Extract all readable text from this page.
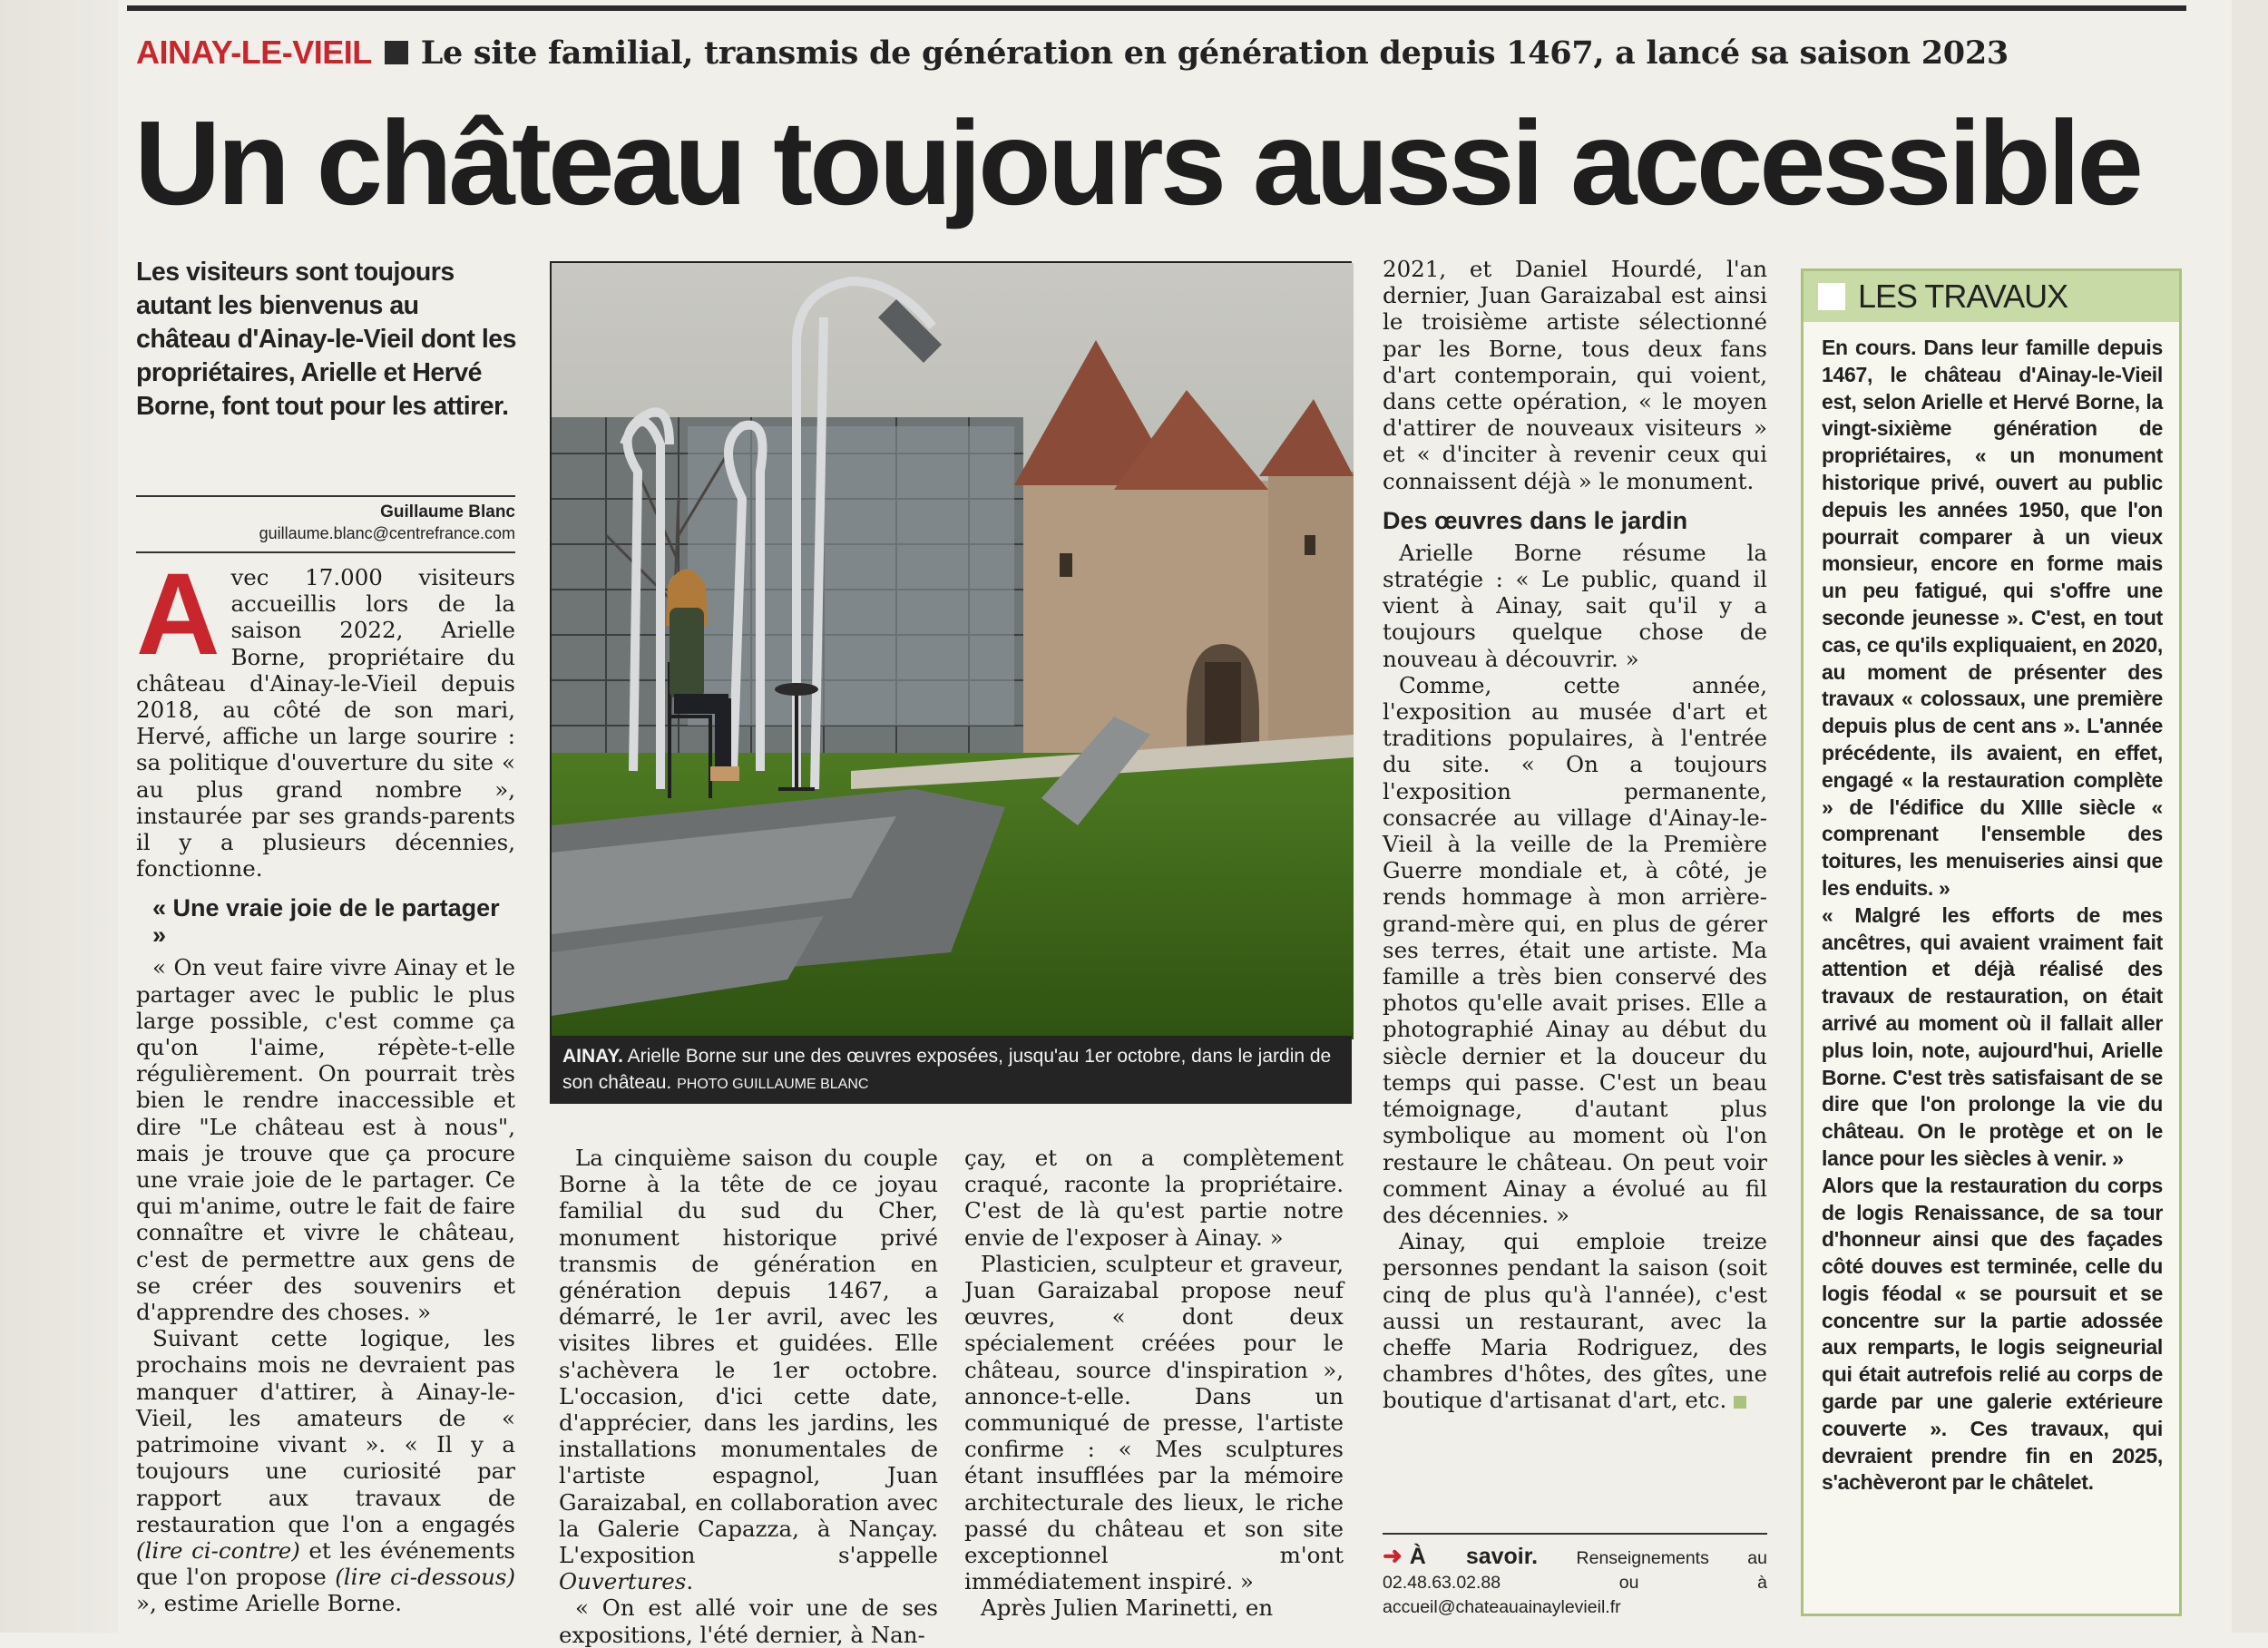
AINAY-LE-VIEIL Le site familial, transmis de génération en génération depuis 1467, a lancé sa saison 2023
Un château toujours aussi accessible
Les visiteurs sont toujours autant les bienvenus au château d'Ainay-le-Vieil dont les propriétaires, Arielle et Hervé Borne, font tout pour les attirer.
Guillaume Blanc
guillaume.blanc@centrefrance.com

Avec 17.000 visiteurs accueillis lors de la saison 2022, Arielle Borne, propriétaire du château d'Ainay-le-Vieil depuis 2018, au côté de son mari, Hervé, affiche un large sourire : sa politique d'ouverture du site « au plus grand nombre », instaurée par ses grands-parents il y a plusieurs décennies, fonctionne.

« Une vraie joie de le partager »

« On veut faire vivre Ainay et le partager avec le public le plus large possible, c'est comme ça qu'on l'aime, répète-t-elle régulièrement. On pourrait très bien le rendre inaccessible et dire "Le château est à nous", mais je trouve que ça procure une vraie joie de le partager. Ce qui m'anime, outre le fait de faire connaître et vivre le château, c'est de permettre aux gens de se créer des souvenirs et d'apprendre des choses. »

Suivant cette logique, les prochains mois ne devraient pas manquer d'attirer, à Ainay-le-Vieil, les amateurs de « patrimoine vivant ». « Il y a toujours une curiosité par rapport aux travaux de restauration que l'on a engagés (lire ci-contre) et les événements que l'on propose (lire ci-dessous) », estime Arielle Borne.

AINAY. Arielle Borne sur une des œuvres exposées, jusqu'au 1er octobre, dans le jardin de son château. PHOTO GUILLAUME BLANC

La cinquième saison du couple Borne à la tête de ce joyau familial du sud du Cher, monument historique privé transmis de génération en génération depuis 1467, a démarré, le 1er avril, avec les visites libres et guidées. Elle s'achèvera le 1er octobre. L'occasion, d'ici cette date, d'apprécier, dans les jardins, les installations monumentales de l'artiste espagnol, Juan Garaizabal, en collaboration avec la Galerie Capazza, à Nançay. L'exposition s'appelle Ouvertures.

« On est allé voir une de ses expositions, l'été dernier, à Nan-

çay, et on a complètement craqué, raconte la propriétaire. C'est de là qu'est partie notre envie de l'exposer à Ainay. »

Plasticien, sculpteur et graveur, Juan Garaizabal propose neuf œuvres, « dont deux spécialement créées pour le château, source d'inspiration », annonce-t-elle. Dans un communiqué de presse, l'artiste confirme : « Mes sculptures étant insufflées par la mémoire architecturale des lieux, le riche passé du château et son site exceptionnel m'ont immédiatement inspiré. »

Après Julien Marinetti, en

2021, et Daniel Hourdé, l'an dernier, Juan Garaizabal est ainsi le troisième artiste sélectionné par les Borne, tous deux fans d'art contemporain, qui voient, dans cette opération, « le moyen d'attirer de nouveaux visiteurs » et « d'inciter à revenir ceux qui connaissent déjà » le monument.

Des œuvres dans le jardin

Arielle Borne résume la stratégie : « Le public, quand il vient à Ainay, sait qu'il y a toujours quelque chose de nouveau à découvrir. »

Comme, cette année, l'exposition au musée d'art et traditions populaires, à l'entrée du site. « On a toujours l'exposition permanente, consacrée au village d'Ainay-le-Vieil à la veille de la Première Guerre mondiale et, à côté, je rends hommage à mon arrière-grand-mère qui, en plus de gérer ses terres, était une artiste. Ma famille a très bien conservé des photos qu'elle avait prises. Elle a photographié Ainay au début du siècle dernier et la douceur du temps qui passe. C'est un beau témoignage, d'autant plus symbolique au moment où l'on restaure le château. On peut voir comment Ainay a évolué au fil des décennies. »

Ainay, qui emploie treize personnes pendant la saison (soit cinq de plus qu'à l'année), c'est aussi un restaurant, avec la cheffe Maria Rodriguez, des chambres d'hôtes, des gîtes, une boutique d'artisanat d'art, etc.

➜ À savoir. Renseignements au 02.48.63.02.88 ou à accueil@chateauainaylevieil.fr
LES TRAVAUX

En cours. Dans leur famille depuis 1467, le château d'Ainay-le-Vieil est, selon Arielle et Hervé Borne, la vingt-sixième génération de propriétaires, « un monument historique privé, ouvert au public depuis les années 1950, que l'on pourrait comparer à un vieux monsieur, encore en forme mais un peu fatigué, qui s'offre une seconde jeunesse ». C'est, en tout cas, ce qu'ils expliquaient, en 2020, au moment de présenter des travaux « colossaux, une première depuis plus de cent ans ». L'année précédente, ils avaient, en effet, engagé « la restauration complète » de l'édifice du XIIIe siècle « comprenant l'ensemble des toitures, les menuiseries ainsi que les enduits. »

« Malgré les efforts de mes ancêtres, qui avaient vraiment fait attention et déjà réalisé des travaux de restauration, on était arrivé au moment où il fallait aller plus loin, note, aujourd'hui, Arielle Borne. C'est très satisfaisant de se dire que l'on prolonge la vie du château. On le protège et on le lance pour les siècles à venir. »

Alors que la restauration du corps de logis Renaissance, de sa tour d'honneur ainsi que des façades côté douves est terminée, celle du logis féodal « se poursuit et se concentre sur la partie adossée aux remparts, le logis seigneurial qui était autrefois relié au corps de garde par une galerie extérieure couverte ». Ces travaux, qui devraient prendre fin en 2025, s'achèveront par le châtelet.
